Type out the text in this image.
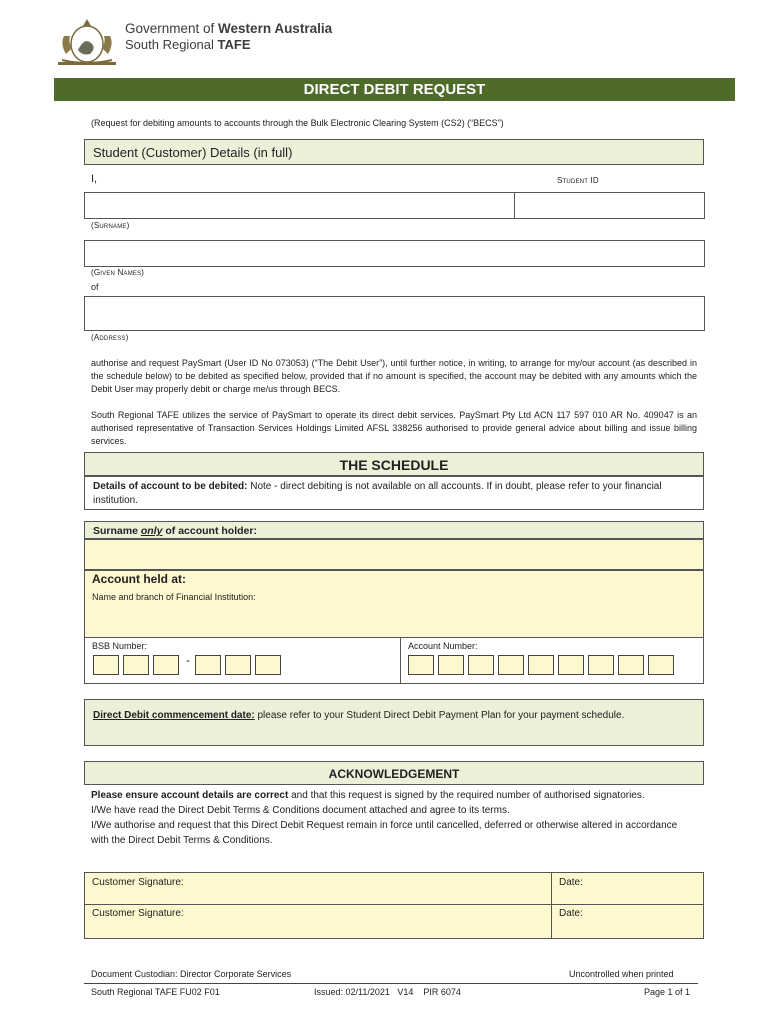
Government of Western Australia
South Regional TAFE
DIRECT DEBIT REQUEST
(Request for debiting amounts to accounts through the Bulk Electronic Clearing System (CS2) (“BECS”)
Student (Customer) Details (in full)
I,	Student ID
(Surname)
(Given Names)
of
(Address)
authorise and request PaySmart (User ID No 073053) (“The Debit User”), until further notice, in writing, to arrange for my/our account (as described in the schedule below) to be debited as specified below, provided that if no amount is specified, the account may be debited with any amounts which the Debit User may properly debit or charge me/us through BECS.
South Regional TAFE utilizes the service of PaySmart to operate its direct debit services. PaySmart Pty Ltd ACN 117 597 010 AR No. 409047 is an authorised representative of Transaction Services Holdings Limited AFSL 338256 authorised to provide general advice about billing and issue billing services.
THE SCHEDULE
Details of account to be debited: Note - direct debiting is not available on all accounts. If in doubt, please refer to your financial institution.
Surname only of account holder:
Account held at:
Name and branch of Financial Institution:
BSB Number:	Account Number:
-
Direct Debit commencement date: please refer to your Student Direct Debit Payment Plan for your payment schedule.
ACKNOWLEDGEMENT
Please ensure account details are correct and that this request is signed by the required number of authorised signatories.
I/We have read the Direct Debit Terms & Conditions document attached and agree to its terms.
I/We authorise and request that this Direct Debit Request remain in force until cancelled, deferred or otherwise altered in accordance with the Direct Debit Terms & Conditions.
Customer Signature:	Date:
Customer Signature:	Date:
Document Custodian: Director Corporate Services	Uncontrolled when printed
South Regional TAFE FU02 F01	Issued: 02/11/2021   V14    PIR 6074	Page 1 of 1
